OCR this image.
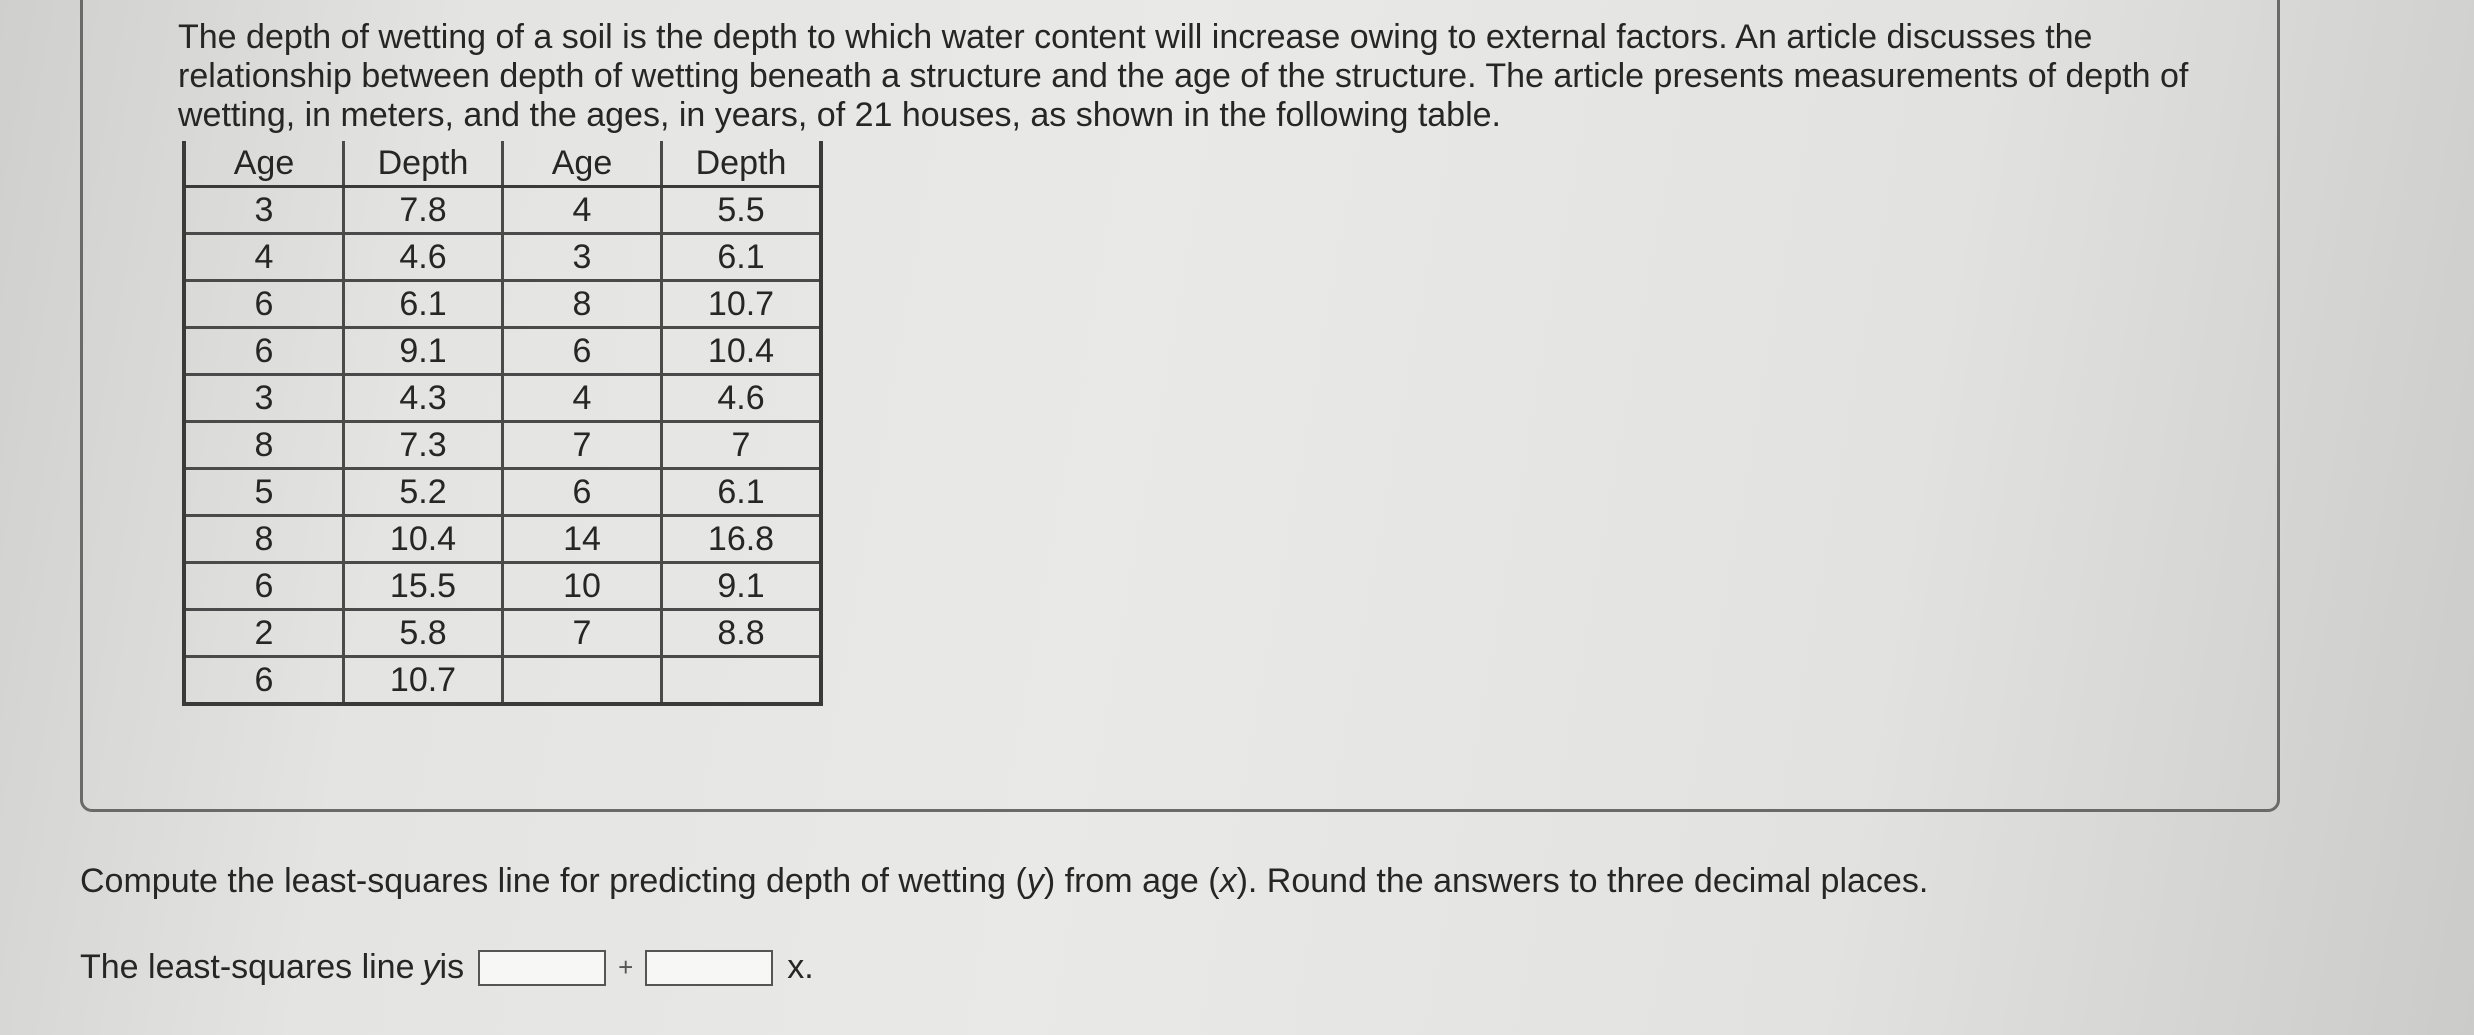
The depth of wetting of a soil is the depth to which water content will increase owing to external factors. An article discusses the relationship between depth of wetting beneath a structure and the age of the structure. The article presents measurements of depth of wetting, in meters, and the ages, in years, of 21 houses, as shown in the following table.

Age	Depth	Age	Depth
3	7.8	4	5.5
4	4.6	3	6.1
6	6.1	8	10.7
6	9.1	6	10.4
3	4.3	4	4.6
8	7.3	7	7
5	5.2	6	6.1
8	10.4	14	16.8
6	15.5	10	9.1
2	5.8	7	8.8
6	10.7		

Compute the least-squares line for predicting depth of wetting (y) from age (x). Round the answers to three decimal places.

The least-squares line y is	+	x.
